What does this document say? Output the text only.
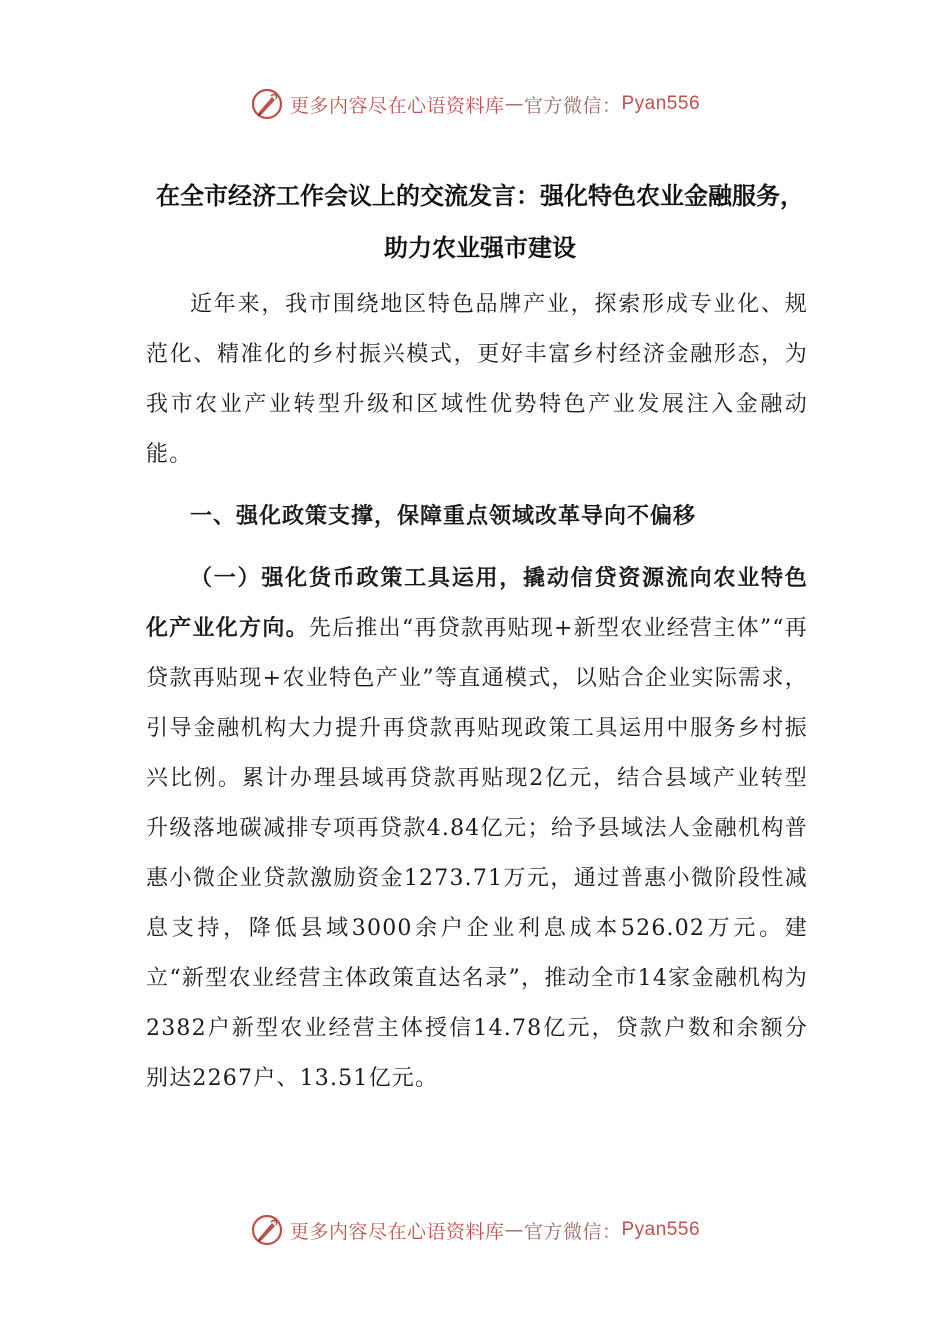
更多内容尽在心语资料库 — 官方微信： Pyan556
在全市经济工作会议上的交流发言：强化特色农业金融服务，助力农业强市建设

近年来，我市围绕地区特色品牌产业，探索形成专业化、规范化、精准化的乡村振兴模式，更好丰富乡村经济金融形态，为我市农业产业转型升级和区域性优势特色产业发展注入金融动能。

一、强化政策支撑，保障重点领域改革导向不偏移

（一）强化货币政策工具运用，撬动信贷资源流向农业特色化产业化方向。先后推出“再贷款再贴现+新型农业经营主体”“再贷款再贴现+农业特色产业”等直通模式，以贴合企业实际需求，引导金融机构大力提升再贷款再贴现政策工具运用中服务乡村振兴比例。累计办理县域再贷款再贴现2亿元，结合县域产业转型升级落地碳减排专项再贷款4.84亿元；给予县域法人金融机构普惠小微企业贷款激励资金1273.71万元，通过普惠小微阶段性减息支持，降低县域3000余户企业利息成本526.02万元。建立“新型农业经营主体政策直达名录”，推动全市14家金融机构为2382户新型农业经营主体授信14.78亿元，贷款户数和余额分别达2267户、13.51亿元。

更多内容尽在心语资料库 — 官方微信： Pyan556
